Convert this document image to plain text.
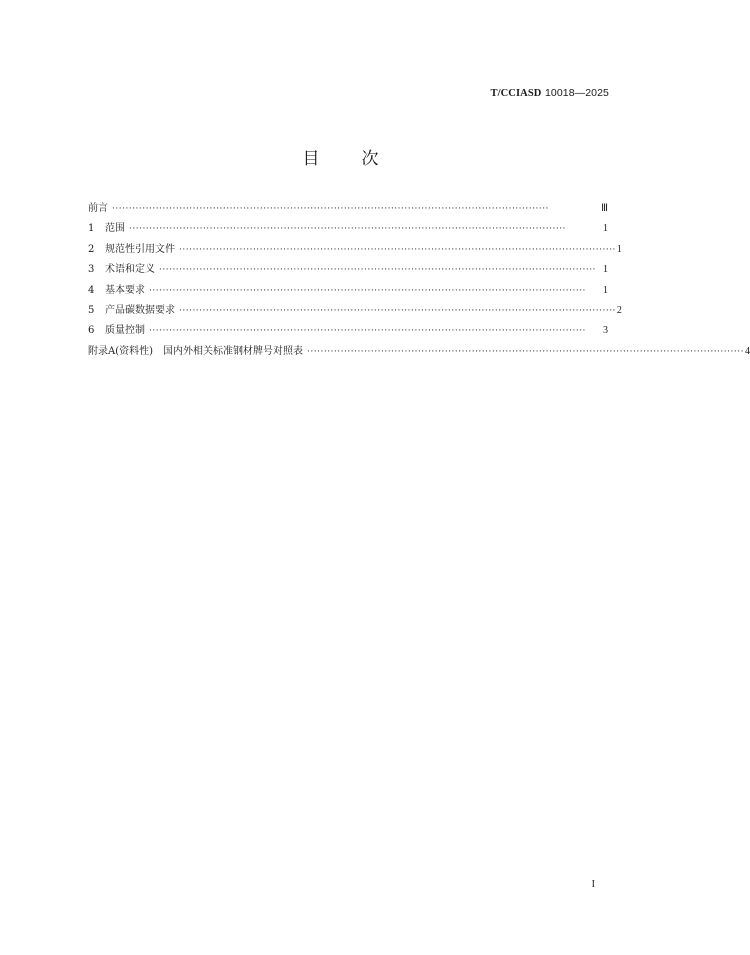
T/CCIASD 10018—2025
目次
前言 ··································································································································	Ⅲ
1	范围 ··································································································································	1
2	规范性引用文件 ·································································································································· 1
3	术语和定义 ·································································································································· 1
4	基本要求 ··································································································································	1
5	产品碳数据要求 ·································································································································· 2
6	质量控制 ··································································································································	3
附录A(资料性)　国内外相关标准钢材牌号对照表 ·································································································································· 4
I
